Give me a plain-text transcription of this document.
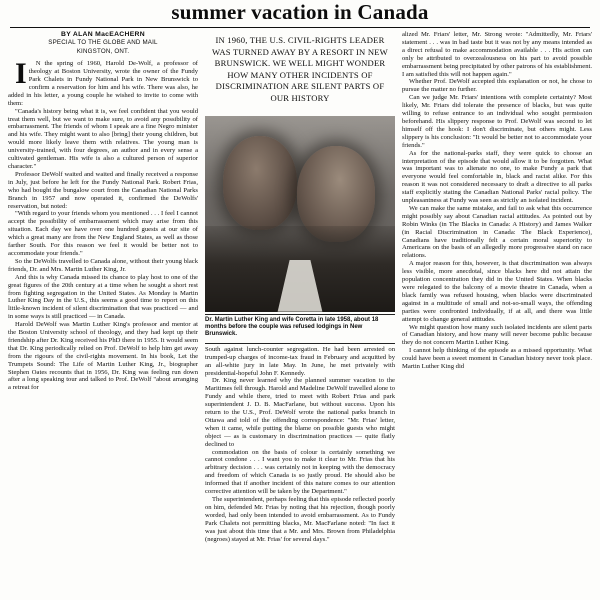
summer vacation in Canada
BY ALAN MacEACHERN
SPECIAL TO THE GLOBE AND MAIL
KINGSTON, ONT.

IN the spring of 1960, Harold De-Wolf, a professor of theology at Boston University, wrote the owner of the Fundy Park Chalets in Fundy National Park in New Brunswick to confirm a reservation for him and his wife. There was also, he added in his letter, a young couple he wished to invite to come with them:

"Canada's history being what it is, we feel confident that you would treat them well, but we want to make sure, to avoid any possibility of embarrassment. The friends of whom I speak are a fine Negro minister and his wife. They might want to also [bring] their young children, but would more likely leave them with relatives. The young man is university-trained, with four degrees, an author and in every sense a cultivated gentleman. His wife is also a cultured person of superior character."

Professor DeWolf waited and waited and finally received a response in July, just before he left for the Fundy National Park. Robert Frias, who had bought the bungalow court from the Canadian National Parks Branch in 1957 and now operated it, confirmed the DeWolfs' reservation, but noted:

"With regard to your friends whom you mentioned . . . I feel I cannot accept the possibility of embarrassment which may arise from this situation. Each day we have over one hundred guests at our site of which a great many are from the New England States, as well as those farther South. For this reason we feel it would be better not to accommodate your friends."

So the DeWolfs travelled to Canada alone, without their young black friends, Dr. and Mrs. Martin Luther King, Jr.

And this is why Canada missed its chance to play host to one of the great figures of the 20th century at a time when he sought a short rest from fighting segregation in the United States. As Monday is Martin Luther King Day in the U.S., this seems a good time to report on this little-known incident of silent discrimination that was practiced — and in some ways is still practiced — in Canada.

Harold DeWolf was Martin Luther King's professor and mentor at the Boston University school of theology, and they had kept up their friendship after Dr. King received his PhD there in 1955. It would seem that Dr. King periodically relied on Prof. DeWolf to help him get away from the rigours of the civil-rights movement. In his book, Let the Trumpets Sound: The Life of Martin Luther King, Jr., biographer Stephen Oates recounts that in 1956, Dr. King was feeling run down after a long speaking tour and talked to Prof. DeWolf "about arranging a retreat for

IN 1960, THE U.S. CIVIL-RIGHTS LEADER WAS TURNED AWAY BY A RESORT IN NEW BRUNSWICK. WE WELL MIGHT WONDER HOW MANY OTHER INCIDENTS OF DISCRIMINATION ARE SILENT PARTS OF OUR HISTORY
Dr. Martin Luther King and wife Coretta in late 1958, about 18 months before the couple was refused lodgings in New Brunswick.

South against lunch-counter segregation. He had been arrested on trumped-up charges of income-tax fraud in February and acquitted by an all-white jury in late May. In June, he met privately with presidential-hopeful John F. Kennedy.

Dr. King never learned why the planned summer vacation to the Maritimes fell through. Harold and Madeline DeWolf travelled alone to Fundy and while there, tried to meet with Robert Frias and park superintendent J. D. B. MacFarlane, but without success. Upon his return to the U.S., Prof. DeWolf wrote the national parks branch in Ottawa and told of the offending correspondence: "Mr. Frias' letter, when it came, while putting the blame on possible guests who might object — as is customary in discrimination practices — quite flatly declined to

commodation on the basis of colour is certainly something we cannot condone . . . I want you to make it clear to Mr. Frias that his arbitrary decision . . . was certainly not in keeping with the democracy and freedom of which Canada is so justly proud. He should also be informed that if another incident of this nature comes to our attention corrective attention will be taken by the Department."

The superintendent, perhaps feeling that this episode reflected poorly on him, defended Mr. Frias by noting that his rejection, though poorly worded, had only been intended to avoid embarrassment. As to Fundy Park Chalets not permitting blacks, Mr. MacFarlane noted: "In fact it was just about this time that a Mr. and Mrs. Brown from Philadelphia (negroes) stayed at Mr. Frias' for several days."

alized Mr. Friars' letter, Mr. Strong wrote: "Admittedly, Mr. Friars' statement . . . was in bad taste but it was not by any means intended as a direct refusal to make accommodation available . . . His action can only be attributed to overzealousness on his part to avoid possible embarrassment being precipitated by other patrons of his establishment. I am satisfied this will not happen again."

Whether Prof. DeWolf accepted this explanation or not, he chose to pursue the matter no further.

Can we judge Mr. Friars' intentions with complete certainty? Most likely, Mr. Friars did tolerate the presence of blacks, but was quite willing to refuse entrance to an individual who sought permission beforehand. His slippery response to Prof. DeWolf was second to let himself off the hook: I don't discriminate, but others might. Less slippery is his conclusion: "It would be better not to accommodate your friends."

As for the national-parks staff, they were quick to choose an interpretation of the episode that would allow it to be forgotten. What was important was to alienate no one, to make Fundy a park that everyone would feel comfortable in, black and racist alike. For this reason it was not considered necessary to draft a directive to all parks staff explicitly stating the Canadian National Parks' racial policy. The unpleasantness at Fundy was seen as strictly an isolated incident.

We can make the same mistake, and fail to ask what this occurrence might possibly say about Canadian racial attitudes. As pointed out by Robin Winks (in The Blacks in Canada: A History) and James Walker (in Racial Discrimination in Canada: The Black Experience), Canadians have traditionally felt a certain moral superiority to Americans on the basis of an allegedly more progressive stand on race relations.

A major reason for this, however, is that discrimination was always less visible, more anecdotal, since blacks here did not attain the population concentration they did in the United States. When blacks were relegated to the balcony of a movie theatre in Canada, when a black family was refused housing, when blacks were discriminated against in a multitude of small and not-so-small ways, the offending parties were confronted individually, if at all, and there was little attempt to change general attitudes.

We might question how many such isolated incidents are silent parts of Canadian history, and how many will never become public because they do not concern Martin Luther King.

I cannot help thinking of the episode as a missed opportunity. What could have been a sweet moment in Canadian history never took place. Martin Luther King did
